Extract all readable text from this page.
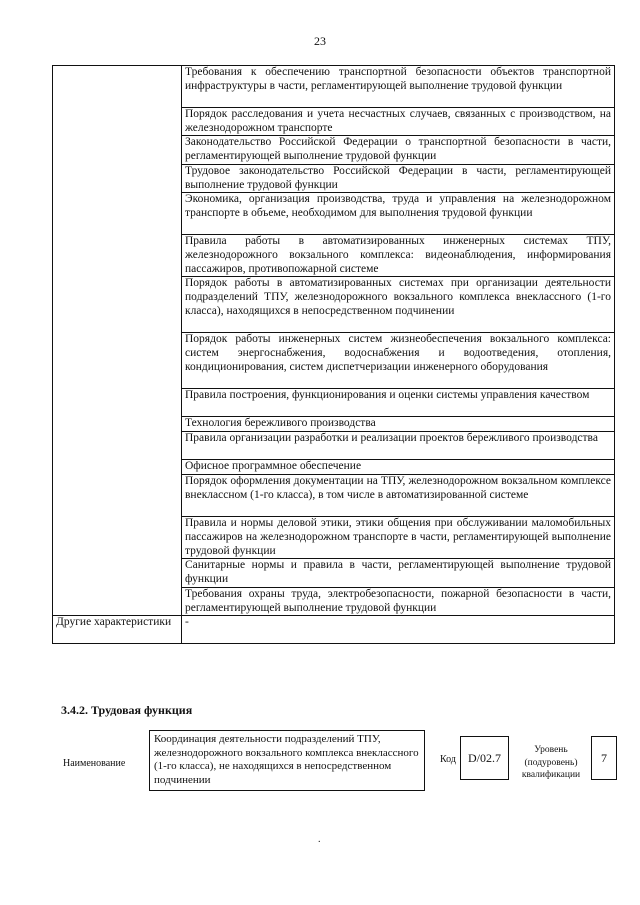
23
	Требования к обеспечению транспортной безопасности объектов транспортной инфраструктуры в части, регламентирующей выполнение трудовой функции
	Порядок расследования и учета несчастных случаев, связанных с производством, на железнодорожном транспорте
	Законодательство Российской Федерации о транспортной безопасности в части, регламентирующей выполнение трудовой функции
	Трудовое законодательство Российской Федерации в части, регламентирующей выполнение трудовой функции
	Экономика, организация производства, труда и управления на железнодорожном транспорте в объеме, необходимом для выполнения трудовой функции
	Правила работы в автоматизированных инженерных системах ТПУ, железнодорожного вокзального комплекса: видеонаблюдения, информирования пассажиров, противопожарной системе
	Порядок работы в автоматизированных системах при организации деятельности подразделений ТПУ, железнодорожного вокзального комплекса внеклассного (1-го класса), находящихся в непосредственном подчинении
	Порядок работы инженерных систем жизнеобеспечения вокзального комплекса: систем энергоснабжения, водоснабжения и водоотведения, отопления, кондиционирования, систем диспетчеризации инженерного оборудования
	Правила построения, функционирования и оценки системы управления качеством
	Технология бережливого производства
	Правила организации разработки и реализации проектов бережливого производства
	Офисное программное обеспечение
	Порядок оформления документации на ТПУ, железнодорожном вокзальном комплексе внеклассном (1-го класса), в том числе в автоматизированной системе
	Правила и нормы деловой этики, этики общения при обслуживании маломобильных пассажиров на железнодорожном транспорте в части, регламентирующей выполнение трудовой функции
	Санитарные нормы и правила в части, регламентирующей выполнение трудовой функции
	Требования охраны труда, электробезопасности, пожарной безопасности в части, регламентирующей выполнение трудовой функции
Другие характеристики	-
3.4.2. Трудовая функция
Наименование
Координация деятельности подразделений ТПУ, железнодорожного вокзального комплекса внеклассного (1-го класса), не находящихся в непосредственном подчинении
Код	D/02.7
Уровень (подуровень) квалификации
7
.
